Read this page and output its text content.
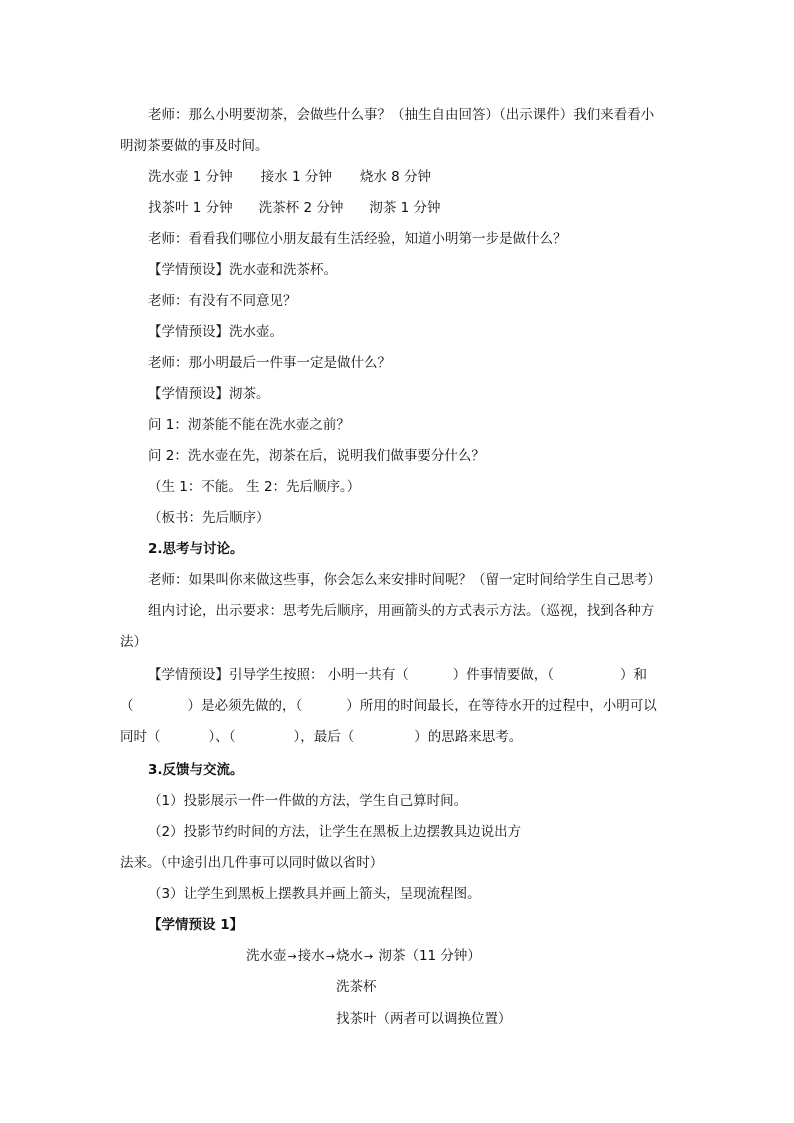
老师：那么小明要沏茶，会做些什么事？（抽生自由回答）（出示课件）我们来看看小
明沏茶要做的事及时间。
洗水壶 1 分钟 接水 1 分钟 烧水 8 分钟
找茶叶 1 分钟 洗茶杯 2 分钟 沏茶 1 分钟
老师：看看我们哪位小朋友最有生活经验，知道小明第一步是做什么？
【学情预设】洗水壶和洗茶杯。
老师：有没有不同意见？
【学情预设】洗水壶。
老师：那小明最后一件事一定是做什么？
【学情预设】沏茶。
问 1：沏茶能不能在洗水壶之前？
问 2：洗水壶在先，沏茶在后，说明我们做事要分什么？
（生 1：不能。 生 2：先后顺序。）
（板书：先后顺序）
2.思考与讨论。
老师：如果叫你来做这些事，你会怎么来安排时间呢？（留一定时间给学生自己思考）
组内讨论，出示要求：思考先后顺序，用画箭头的方式表示方法。（巡视，找到各种方
法）
【学情预设】引导学生按照： 小明一共有（	）件事情要做，（	）和
（	）是必须先做的，（	）所用的时间最长，在等待水开的过程中，小明可以
同时（	）、（	），最后（	）的思路来思考。
3.反馈与交流。
（1）投影展示一件一件做的方法，学生自己算时间。
（2）投影节约时间的方法，让学生在黑板上边摆教具边说出方
法来。（中途引出几件事可以同时做以省时）
（3）让学生到黑板上摆教具并画上箭头，呈现流程图。
【学情预设 1】
洗水壶→接水→烧水→ 沏茶（11 分钟）
洗茶杯
找茶叶（两者可以调换位置）
